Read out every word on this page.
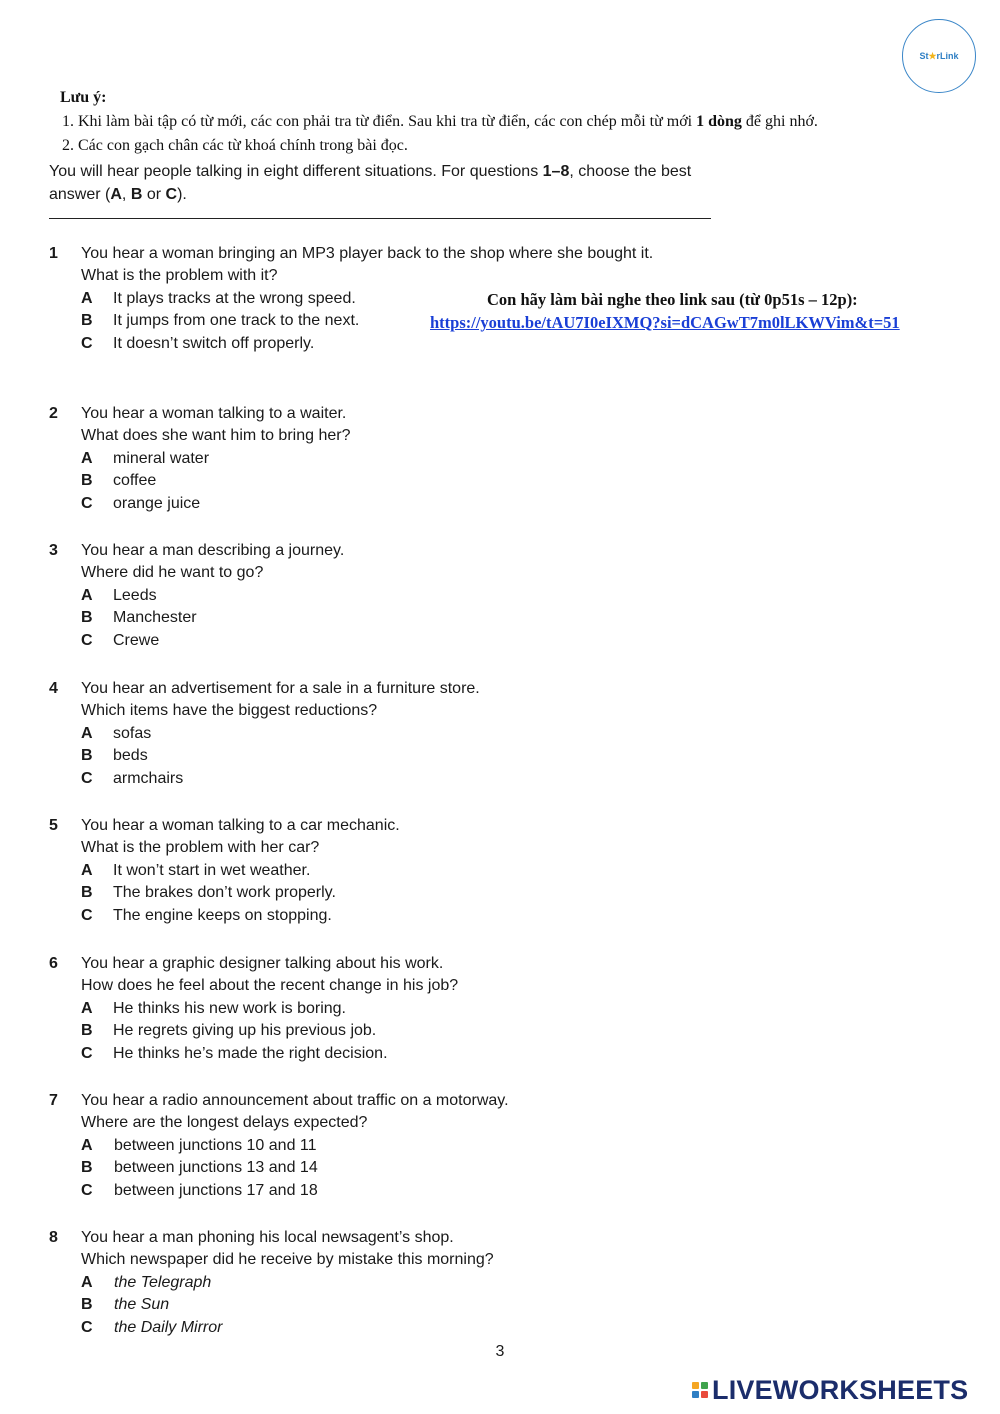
St ★ rLink
Lưu ý:
1. Khi làm bài tập có từ mới, các con phải tra từ điển. Sau khi tra từ điển, các con chép mỗi từ mới 1 dòng để ghi nhớ.
2. Các con gạch chân các từ khoá chính trong bài đọc.
You will hear people talking in eight different situations. For questions 1–8, choose the best answer (A, B or C).
Con hãy làm bài nghe theo link sau (từ 0p51s – 12p):
https://youtu.be/tAU7I0eIXMQ?si=dCAGwT7m0lLKWVim&t=51
1	You hear a woman bringing an MP3 player back to the shop where she bought it.
What is the problem with it?
A	It plays tracks at the wrong speed.
B	It jumps from one track to the next.
C	It doesn’t switch off properly.
2	You hear a woman talking to a waiter.
What does she want him to bring her?
A	mineral water
B	coffee
C	orange juice
3	You hear a man describing a journey.
Where did he want to go?
A	Leeds
B	Manchester
C	Crewe
4	You hear an advertisement for a sale in a furniture store.
Which items have the biggest reductions?
A	sofas
B	beds
C	armchairs
5	You hear a woman talking to a car mechanic.
What is the problem with her car?
A	It won’t start in wet weather.
B	The brakes don’t work properly.
C	The engine keeps on stopping.
6	You hear a graphic designer talking about his work.
How does he feel about the recent change in his job?
A	He thinks his new work is boring.
B	He regrets giving up his previous job.
C	He thinks he’s made the right decision.
7	You hear a radio announcement about traffic on a motorway.
Where are the longest delays expected?
A	between junctions 10 and 11
B	between junctions 13 and 14
C	between junctions 17 and 18
8	You hear a man phoning his local newsagent’s shop.
Which newspaper did he receive by mistake this morning?
A	the Telegraph
B	the Sun
C	the Daily Mirror
3
LIVEWORKSHEETS
